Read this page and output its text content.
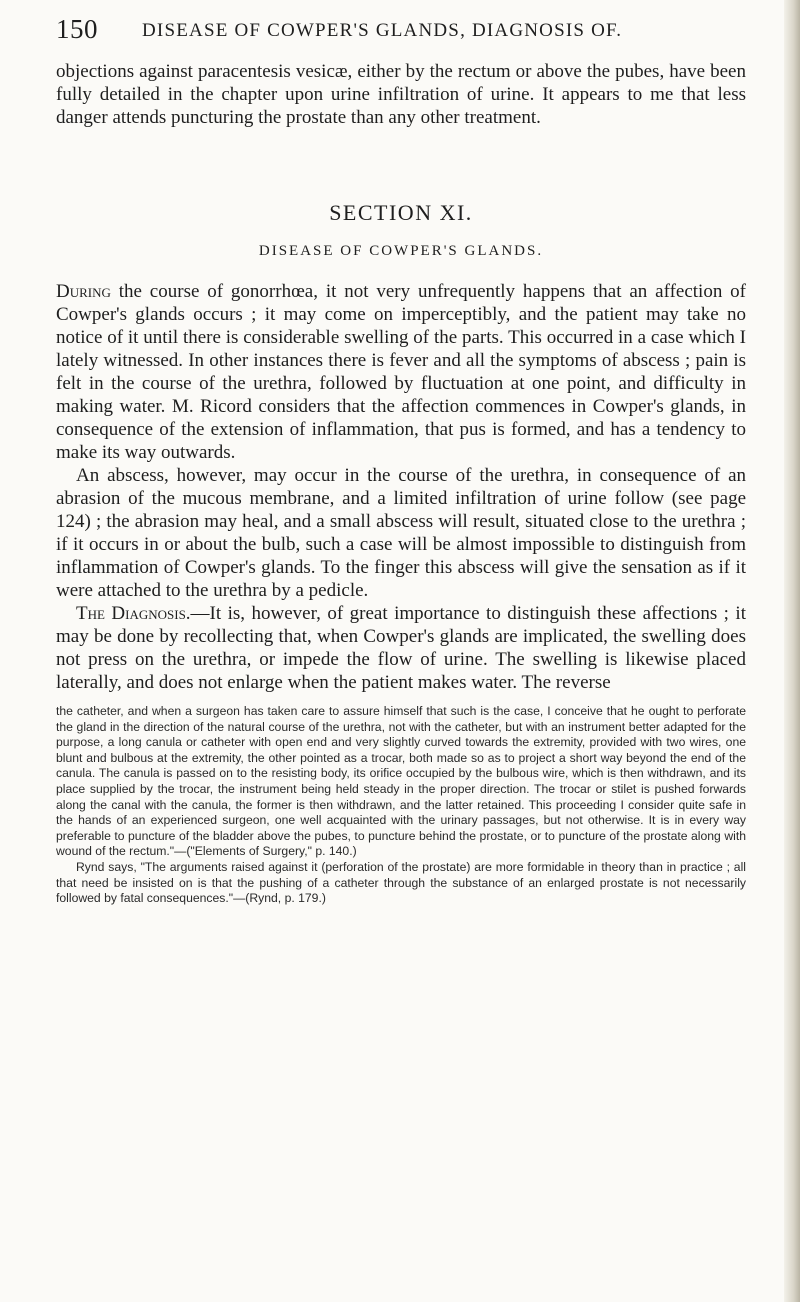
150 DISEASE OF COWPER'S GLANDS, DIAGNOSIS OF.

objections against paracentesis vesicæ, either by the rectum or above the pubes, have been fully detailed in the chapter upon urine infiltration of urine. It appears to me that less danger attends puncturing the prostate than any other treatment.

SECTION XI.
DISEASE OF COWPER'S GLANDS.

During the course of gonorrhœa, it not very unfrequently happens that an affection of Cowper's glands occurs ; it may come on imperceptibly, and the patient may take no notice of it until there is considerable swelling of the parts. This occurred in a case which I lately witnessed. In other instances there is fever and all the symptoms of abscess ; pain is felt in the course of the urethra, followed by fluctuation at one point, and difficulty in making water. M. Ricord considers that the affection commences in Cowper's glands, in consequence of the extension of inflammation, that pus is formed, and has a tendency to make its way outwards.

An abscess, however, may occur in the course of the urethra, in consequence of an abrasion of the mucous membrane, and a limited infiltration of urine follow (see page 124) ; the abrasion may heal, and a small abscess will result, situated close to the urethra ; if it occurs in or about the bulb, such a case will be almost impossible to distinguish from inflammation of Cowper's glands. To the finger this abscess will give the sensation as if it were attached to the urethra by a pedicle.

The Diagnosis.—It is, however, of great importance to distinguish these affections ; it may be done by recollecting that, when Cowper's glands are implicated, the swelling does not press on the urethra, or impede the flow of urine. The swelling is likewise placed laterally, and does not enlarge when the patient makes water. The reverse

the catheter, and when a surgeon has taken care to assure himself that such is the case, I conceive that he ought to perforate the gland in the direction of the natural course of the urethra, not with the catheter, but with an instrument better adapted for the purpose, a long canula or catheter with open end and very slightly curved towards the extremity, provided with two wires, one blunt and bulbous at the extremity, the other pointed as a trocar, both made so as to project a short way beyond the end of the canula. The canula is passed on to the resisting body, its orifice occupied by the bulbous wire, which is then withdrawn, and its place supplied by the trocar, the instrument being held steady in the proper direction. The trocar or stilet is pushed forwards along the canal with the canula, the former is then withdrawn, and the latter retained. This proceeding I consider quite safe in the hands of an experienced surgeon, one well acquainted with the urinary passages, but not otherwise. It is in every way preferable to puncture of the bladder above the pubes, to puncture behind the prostate, or to puncture of the prostate along with wound of the rectum."—("Elements of Surgery," p. 140.)

Rynd says, "The arguments raised against it (perforation of the prostate) are more formidable in theory than in practice ; all that need be insisted on is that the pushing of a catheter through the substance of an enlarged prostate is not necessarily followed by fatal consequences."—(Rynd, p. 179.)
